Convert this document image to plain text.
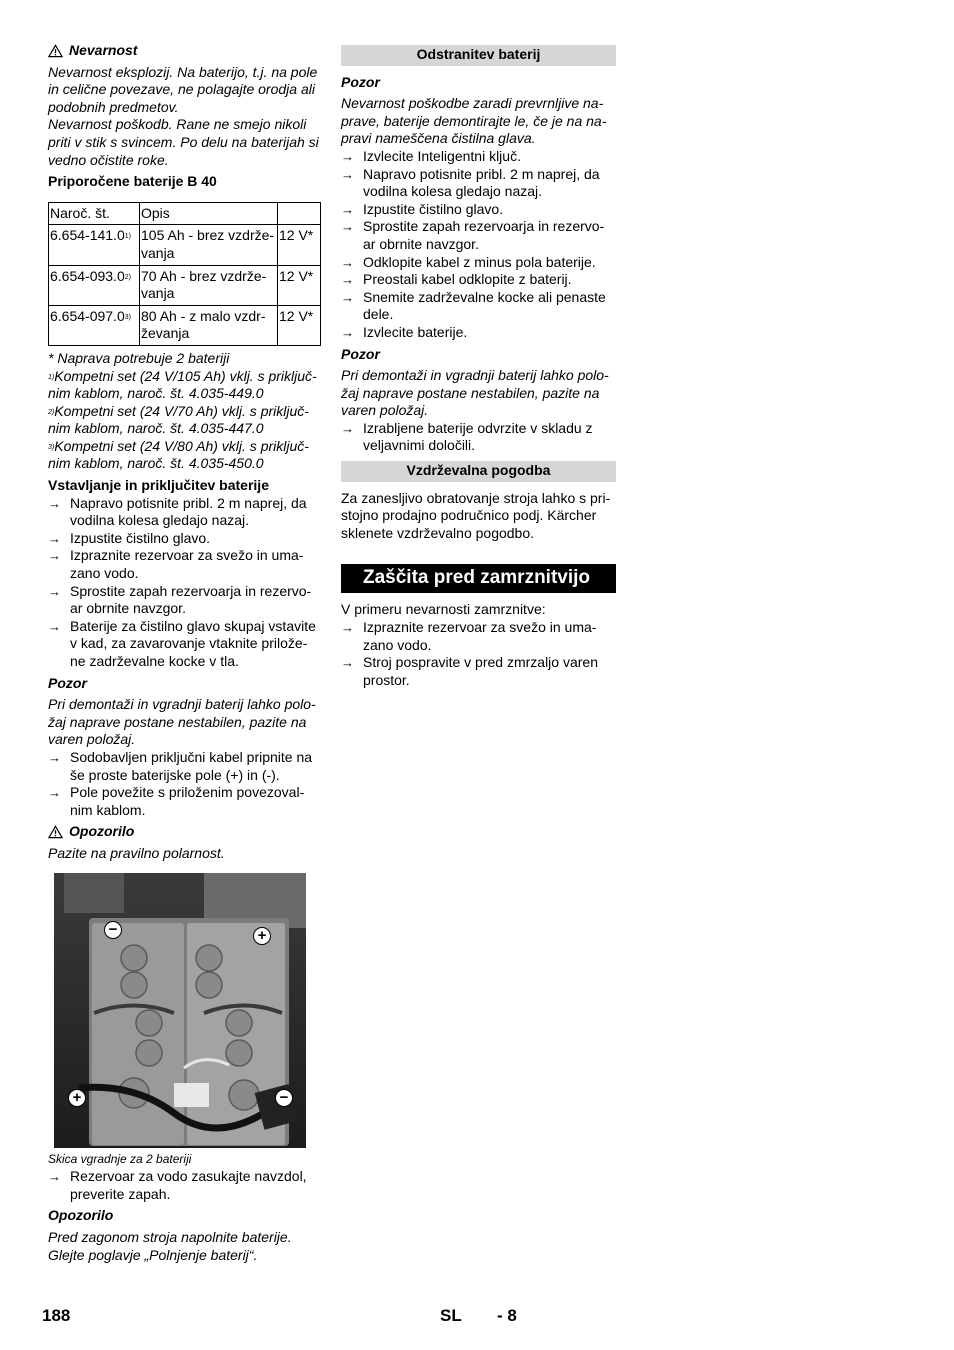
Nevarnost

Nevarnost eksplozij. Na baterijo, t.j. na pole in celične povezave, ne polagajte orodja ali podobnih predmetov.

Nevarnost poškodb. Rane ne smejo nikoli priti v stik s svincem. Po delu na baterijah si vedno očistite roke.

Priporočene baterije B 40

Naroč. št.	Opis	
6.654-141.0$^{1)}$	105 Ah - brez vzdrže-vanja	12 V*
6.654-093.0$^{2)}$	70 Ah - brez vzdrže-vanja	12 V*
6.654-097.0$^{3)}$	80 Ah - z malo vzdr-ževanja	12 V*

* Naprava potrebuje 2 bateriji

$^{1)}$Kompetni set (24 V/105 Ah) vklj. s priključ-nim kablom, naroč. št. 4.035-449.0

$^{2)}$Kompetni set (24 V/70 Ah) vklj. s priključ-nim kablom, naroč. št. 4.035-447.0

$^{3)}$Kompetni set (24 V/80 Ah) vklj. s priključ-nim kablom, naroč. št. 4.035-450.0

Vstavljanje in priključitev baterije

→ Napravo potisnite pribl. 2 m naprej, da vodilna kolesa gledajo nazaj.
→ Izpustite čistilno glavo.
→ Izpraznite rezervoar za svežo in uma-zano vodo.
→ Sprostite zapah rezervoarja in rezervo-ar obrnite navzgor.
→ Baterije za čistilno glavo skupaj vstavite v kad, za zavarovanje vtaknite prilože-ne zadrževalne kocke v tla.

Pozor

Pri demontaži in vgradnji baterij lahko polo-žaj naprave postane nestabilen, pazite na varen položaj.

→ Sodobavljen priključni kabel pripnite na še proste baterijske pole (+) in (-).
→ Pole povežite s priloženim povezoval-nim kablom.
Opozorilo

Pazite na pravilno polarnost.

−	+
+	−

Skica vgradnje za 2 bateriji

→ Rezervoar za vodo zasukajte navzdol, preverite zapah.

Opozorilo

Pred zagonom stroja napolnite baterije. Glejte poglavje „Polnjenje baterij“.

Odstranitev baterij

Pozor

Nevarnost poškodbe zaradi prevrnljive na-prave, baterije demontirajte le, če je na na-pravi nameščena čistilna glava.

→ Izvlecite Inteligentni ključ.
→ Napravo potisnite pribl. 2 m naprej, da vodilna kolesa gledajo nazaj.
→ Izpustite čistilno glavo.
→ Sprostite zapah rezervoarja in rezervo-ar obrnite navzgor.
→ Odklopite kabel z minus pola baterije.
→ Preostali kabel odklopite z baterij.
→ Snemite zadrževalne kocke ali penaste dele.
→ Izvlecite baterije.

Pozor

Pri demontaži in vgradnji baterij lahko polo-žaj naprave postane nestabilen, pazite na varen položaj.

→ Izrabljene baterije odvrzite v skladu z veljavnimi določili.
Vzdrževalna pogodba

Za zanesljivo obratovanje stroja lahko s pri-stojno prodajno područnico podj. Kärcher sklenete vzdrževalno pogodbo.

Zaščita pred zamrznitvijo

V primeru nevarnosti zamrznitve:

→ Izpraznite rezervoar za svežo in uma-zano vodo.
→ Stroj pospravite v pred zmrzaljo varen prostor.
188	SL - 8
